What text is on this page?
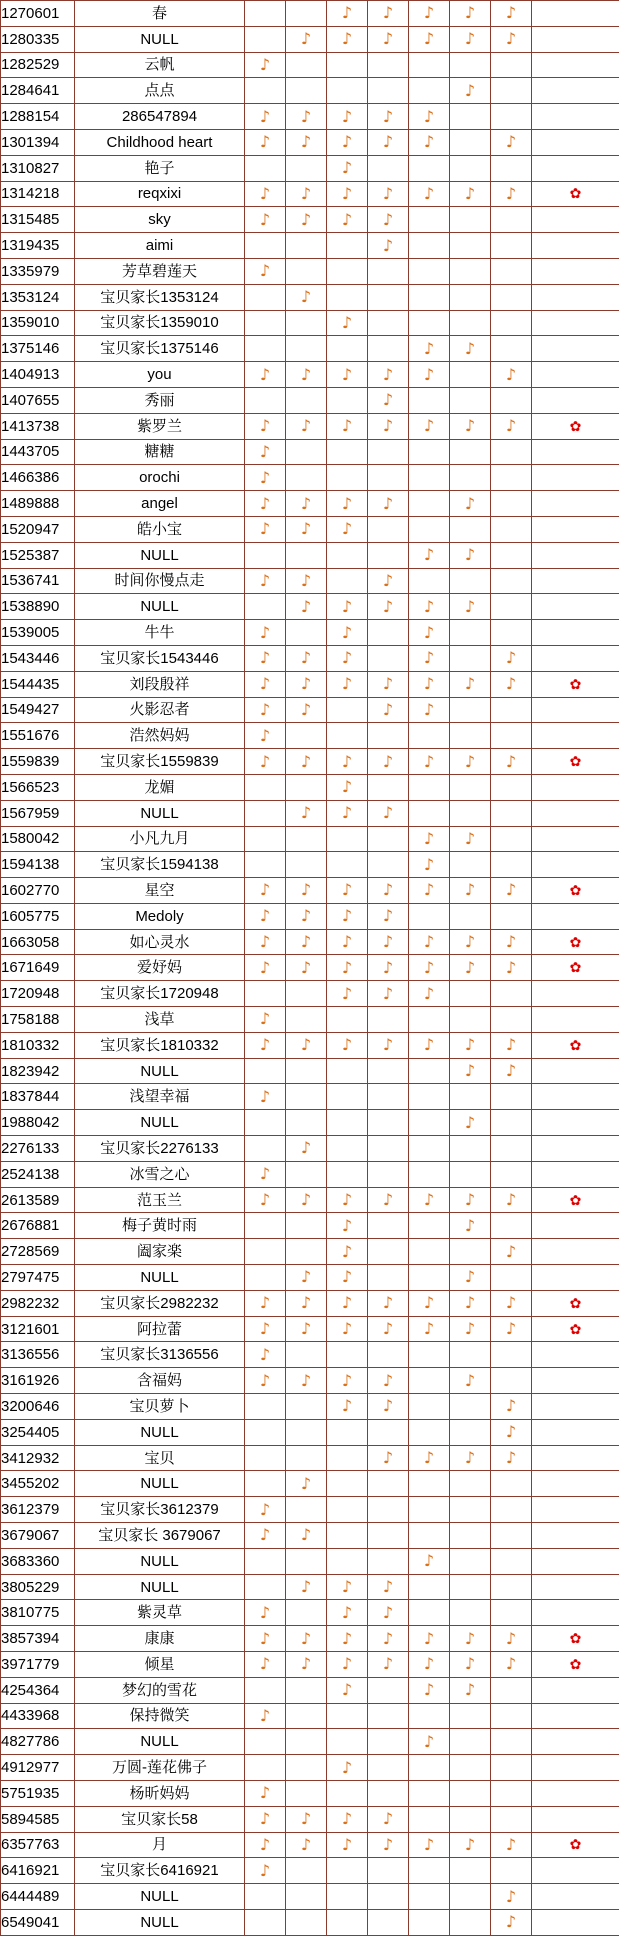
1270601	春			♪	♪	♪	♪	♪	
1280335	NULL		♪	♪	♪	♪	♪	♪	
1282529	云帆	♪							
1284641	点点						♪		
1288154	286547894	♪	♪	♪	♪	♪			
1301394	Childhood heart	♪	♪	♪	♪	♪		♪	
1310827	艳子			♪					
1314218	reqxixi	♪	♪	♪	♪	♪	♪	♪	✿
1315485	sky	♪	♪	♪	♪				
1319435	aimi				♪				
1335979	芳草碧莲天	♪							
1353124	宝贝家长1353124		♪						
1359010	宝贝家长1359010			♪					
1375146	宝贝家长1375146					♪	♪		
1404913	you	♪	♪	♪	♪	♪		♪	
1407655	秀丽				♪				
1413738	紫罗兰	♪	♪	♪	♪	♪	♪	♪	✿
1443705	糖糖	♪							
1466386	orochi	♪							
1489888	angel	♪	♪	♪	♪		♪		
1520947	皓小宝	♪	♪	♪					
1525387	NULL					♪	♪		
1536741	时间你慢点走	♪	♪		♪				
1538890	NULL		♪	♪	♪	♪	♪		
1539005	牛牛	♪		♪		♪			
1543446	宝贝家长1543446	♪	♪	♪		♪		♪	
1544435	刘段殷祥	♪	♪	♪	♪	♪	♪	♪	✿
1549427	火影忍者	♪	♪		♪	♪			
1551676	浩然妈妈	♪							
1559839	宝贝家长1559839	♪	♪	♪	♪	♪	♪	♪	✿
1566523	龙媚			♪					
1567959	NULL		♪	♪	♪				
1580042	小凡九月					♪	♪		
1594138	宝贝家长1594138					♪			
1602770	星空	♪	♪	♪	♪	♪	♪	♪	✿
1605775	Medoly	♪	♪	♪	♪				
1663058	如心灵水	♪	♪	♪	♪	♪	♪	♪	✿
1671649	爱妤妈	♪	♪	♪	♪	♪	♪	♪	✿
1720948	宝贝家长1720948			♪	♪	♪			
1758188	浅草	♪							
1810332	宝贝家长1810332	♪	♪	♪	♪	♪	♪	♪	✿
1823942	NULL						♪	♪	
1837844	浅望幸福	♪							
1988042	NULL						♪		
2276133	宝贝家长2276133		♪						
2524138	冰雪之心	♪							
2613589	范玉兰	♪	♪	♪	♪	♪	♪	♪	✿
2676881	梅子黄时雨			♪			♪		
2728569	阖家楽			♪				♪	
2797475	NULL		♪	♪			♪		
2982232	宝贝家长2982232	♪	♪	♪	♪	♪	♪	♪	✿
3121601	阿拉蕾	♪	♪	♪	♪	♪	♪	♪	✿
3136556	宝贝家长3136556	♪							
3161926	含福妈	♪	♪	♪	♪		♪		
3200646	宝贝萝卜			♪	♪			♪	
3254405	NULL							♪	
3412932	宝贝				♪	♪	♪	♪	
3455202	NULL		♪						
3612379	宝贝家长3612379	♪							
3679067	宝贝家长 3679067	♪	♪						
3683360	NULL					♪			
3805229	NULL		♪	♪	♪				
3810775	紫灵草	♪		♪	♪				
3857394	康康	♪	♪	♪	♪	♪	♪	♪	✿
3971779	倾星	♪	♪	♪	♪	♪	♪	♪	✿
4254364	梦幻的雪花			♪		♪	♪		
4433968	保持微笑	♪							
4827786	NULL					♪			
4912977	万圆-莲花佛子			♪					
5751935	杨昕妈妈	♪							
5894585	宝贝家长58	♪	♪	♪	♪				
6357763	月	♪	♪	♪	♪	♪	♪	♪	✿
6416921	宝贝家长6416921	♪							
6444489	NULL							♪	
6549041	NULL							♪	
